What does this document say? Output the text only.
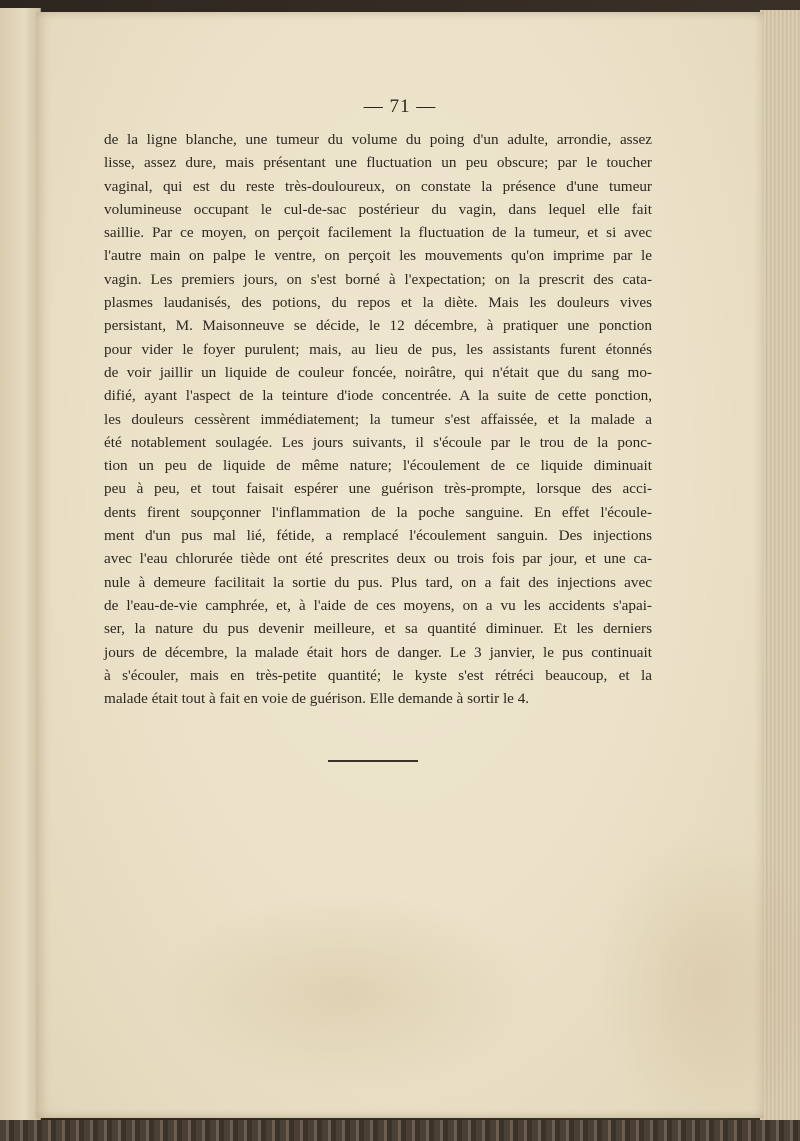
— 71 —

de la ligne blanche, une tumeur du volume du poing d'un adulte, arrondie, assez
lisse, assez dure, mais présentant une fluctuation un peu obscure; par le toucher
vaginal, qui est du reste très-douloureux, on constate la présence d'une tumeur
volumineuse occupant le cul-de-sac postérieur du vagin, dans lequel elle fait
saillie. Par ce moyen, on perçoit facilement la fluctuation de la tumeur, et si avec
l'autre main on palpe le ventre, on perçoit les mouvements qu'on imprime par le
vagin. Les premiers jours, on s'est borné à l'expectation; on la prescrit des cata-
plasmes laudanisés, des potions, du repos et la diète. Mais les douleurs vives
persistant, M. Maisonneuve se décide, le 12 décembre, à pratiquer une ponction
pour vider le foyer purulent; mais, au lieu de pus, les assistants furent étonnés
de voir jaillir un liquide de couleur foncée, noirâtre, qui n'était que du sang mo-
difié, ayant l'aspect de la teinture d'iode concentrée. A la suite de cette ponction,
les douleurs cessèrent immédiatement; la tumeur s'est affaissée, et la malade a
été notablement soulagée. Les jours suivants, il s'écoule par le trou de la ponc-
tion un peu de liquide de même nature; l'écoulement de ce liquide diminuait
peu à peu, et tout faisait espérer une guérison très-prompte, lorsque des acci-
dents firent soupçonner l'inflammation de la poche sanguine. En effet l'écoule-
ment d'un pus mal lié, fétide, a remplacé l'écoulement sanguin. Des injections
avec l'eau chlorurée tiède ont été prescrites deux ou trois fois par jour, et une ca-
nule à demeure facilitait la sortie du pus. Plus tard, on a fait des injections avec
de l'eau-de-vie camphrée, et, à l'aide de ces moyens, on a vu les accidents s'apai-
ser, la nature du pus devenir meilleure, et sa quantité diminuer. Et les derniers
jours de décembre, la malade était hors de danger. Le 3 janvier, le pus continuait
à s'écouler, mais en très-petite quantité; le kyste s'est rétréci beaucoup, et la
malade était tout à fait en voie de guérison. Elle demande à sortir le 4.
